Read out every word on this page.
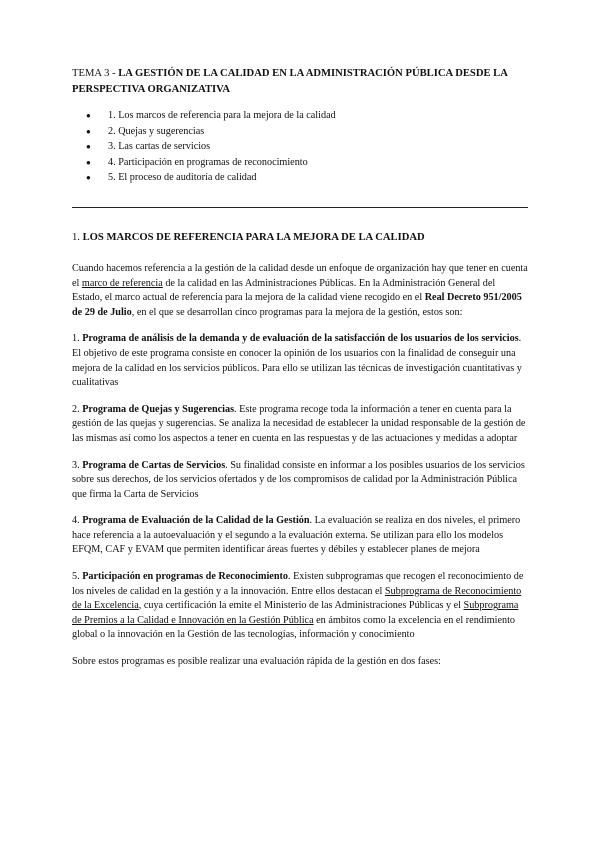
TEMA 3 - LA GESTIÓN DE LA CALIDAD EN LA ADMINISTRACIÓN PÚBLICA DESDE LA PERSPECTIVA ORGANIZATIVA
● 1. Los marcos de referencia para la mejora de la calidad
● 2. Quejas y sugerencias
● 3. Las cartas de servicios
● 4. Participación en programas de reconocimiento
● 5. El proceso de auditoría de calidad
1. LOS MARCOS DE REFERENCIA PARA LA MEJORA DE LA CALIDAD

Cuando hacemos referencia a la gestión de la calidad desde un enfoque de organización hay que tener en cuenta el marco de referencia de la calidad en las Administraciones Públicas. En la Administración General del Estado, el marco actual de referencia para la mejora de la calidad viene recogido en el Real Decreto 951/2005 de 29 de Julio, en el que se desarrollan cinco programas para la mejora de la gestión, estos son:

1. Programa de análisis de la demanda y de evaluación de la satisfacción de los usuarios de los servicios. El objetivo de este programa consiste en conocer la opinión de los usuarios con la finalidad de conseguir una mejora de la calidad en los servicios públicos. Para ello se utilizan las técnicas de investigación cuantitativas y cualitativas

2. Programa de Quejas y Sugerencias. Este programa recoge toda la información a tener en cuenta para la gestión de las quejas y sugerencias. Se analiza la necesidad de establecer la unidad responsable de la gestión de las mismas así como los aspectos a tener en cuenta en las respuestas y de las actuaciones y medidas a adoptar

3. Programa de Cartas de Servicios. Su finalidad consiste en informar a los posibles usuarios de los servicios sobre sus derechos, de los servicios ofertados y de los compromisos de calidad por la Administración Pública que firma la Carta de Servicios

4. Programa de Evaluación de la Calidad de la Gestión. La evaluación se realiza en dos niveles, el primero hace referencia a la autoevaluación y el segundo a la evaluación externa. Se utilizan para ello los modelos EFQM, CAF y EVAM que permiten identificar áreas fuertes y débiles y establecer planes de mejora

5. Participación en programas de Reconocimiento. Existen subprogramas que recogen el reconocimiento de los niveles de calidad en la gestión y a la innovación. Entre ellos destacan el Subprograma de Reconocimiento de la Excelencia, cuya certificación la emite el Ministerio de las Administraciones Públicas y el Subprograma de Premios a la Calidad e Innovación en la Gestión Pública en ámbitos como la excelencia en el rendimiento global o la innovación en la Gestión de las tecnologías, información y conocimiento

Sobre estos programas es posible realizar una evaluación rápida de la gestión en dos fases:
